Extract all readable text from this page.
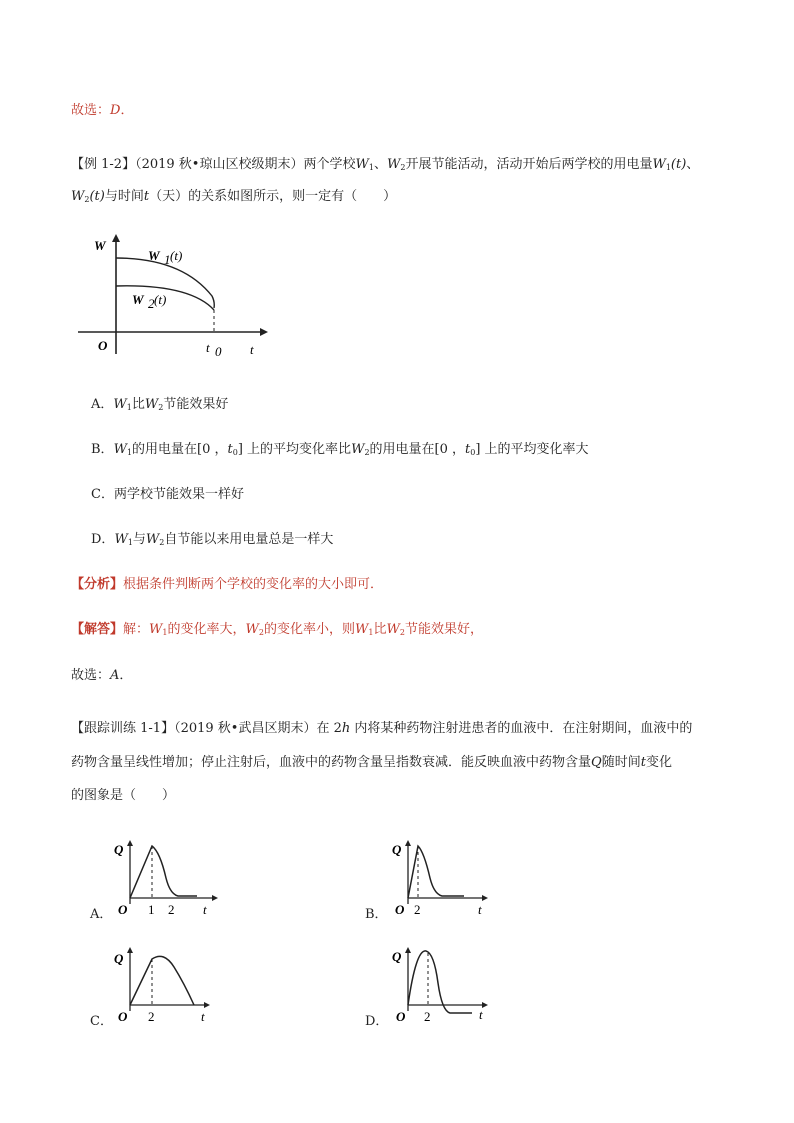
故选：D．
【例 1-2】（2019 秋•琼山区校级期末）两个学校$W_1$、$W_2$开展节能活动，活动开始后两学校的用电量$W_1(t)$、
$W_2(t)$与时间t（天）的关系如图所示，则一定有（　　）
W
t
O	t 0
W 1 (t)
W 2 (t)
A．$W_1$比$W_2$节能效果好
B．$W_1$的用电量在[0 ，$t_0$] 上的平均变化率比$W_2$的用电量在[0 ，$t_0$] 上的平均变化率大
C．两学校节能效果一样好
D．$W_1$与$W_2$自节能以来用电量总是一样大
【分析】根据条件判断两个学校的变化率的大小即可．
【解答】解：$W_1$的变化率大，$W_2$的变化率小，则$W_1$比$W_2$节能效果好，
故选：A．
【跟踪训练 1-1】（2019 秋•武昌区期末）在 2h 内将某种药物注射进患者的血液中．在注射期间，血液中的
药物含量呈线性增加；停止注射后，血液中的药物含量呈指数衰减．能反映血液中药物含量Q随时间t变化
的图象是（　　）
A．
Q
t
O 1 2	B．
Q
t
O 2
C．
Q
t
O 2	D．
Q
t
O 2
